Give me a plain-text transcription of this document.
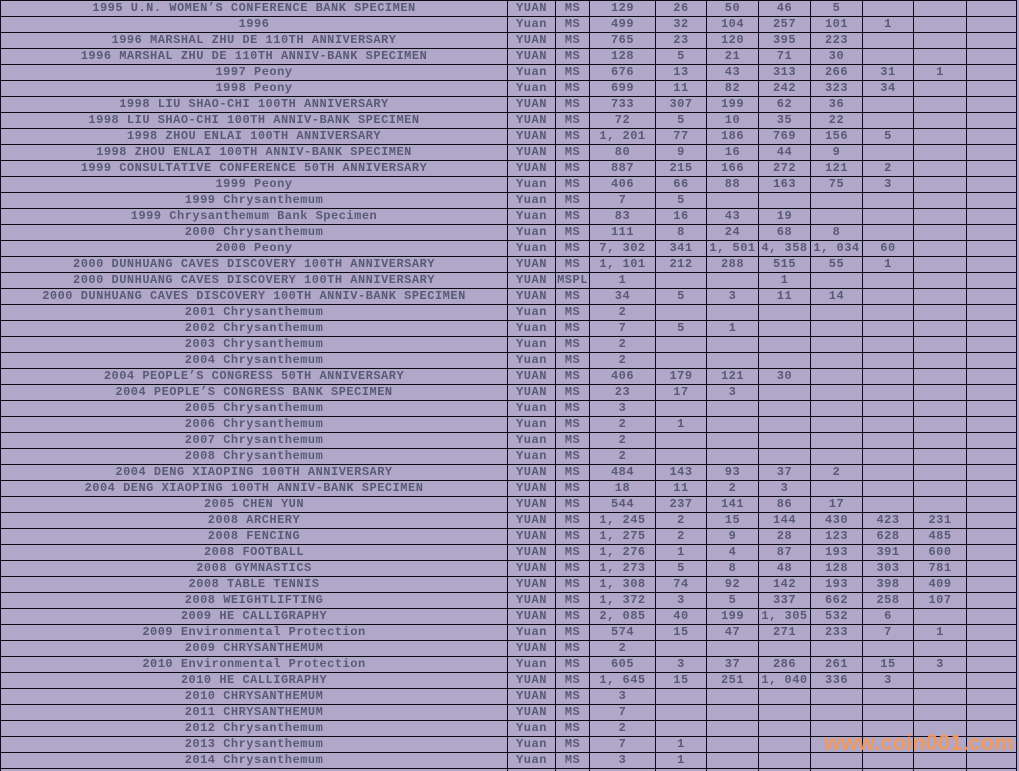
1995 U.N. WOMEN’S CONFERENCE BANK SPECIMEN	YUAN	MS	129	26	50	46	5			
1996	Yuan	MS	499	32	104	257	101	1		
1996 MARSHAL ZHU DE 110TH ANNIVERSARY	YUAN	MS	765	23	120	395	223			
1996 MARSHAL ZHU DE 110TH ANNIV-BANK SPECIMEN	YUAN	MS	128	5	21	71	30			
1997 Peony	Yuan	MS	676	13	43	313	266	31	1	
1998 Peony	Yuan	MS	699	11	82	242	323	34		
1998 LIU SHAO-CHI 100TH ANNIVERSARY	YUAN	MS	733	307	199	62	36			
1998 LIU SHAO-CHI 100TH ANNIV-BANK SPECIMEN	YUAN	MS	72	5	10	35	22			
1998 ZHOU ENLAI 100TH ANNIVERSARY	YUAN	MS	1, 201	77	186	769	156	5		
1998 ZHOU ENLAI 100TH ANNIV-BANK SPECIMEN	YUAN	MS	80	9	16	44	9			
1999 CONSULTATIVE CONFERENCE 50TH ANNIVERSARY	YUAN	MS	887	215	166	272	121	2		
1999 Peony	Yuan	MS	406	66	88	163	75	3		
1999 Chrysanthemum	Yuan	MS	7	5						
1999 Chrysanthemum Bank Specimen	Yuan	MS	83	16	43	19				
2000 Chrysanthemum	Yuan	MS	111	8	24	68	8			
2000 Peony	Yuan	MS	7, 302	341	1, 501	4, 358	1, 034	60		
2000 DUNHUANG CAVES DISCOVERY 100TH ANNIVERSARY	YUAN	MS	1, 101	212	288	515	55	1		
2000 DUNHUANG CAVES DISCOVERY 100TH ANNIVERSARY	YUAN	MSPL	1			1				
2000 DUNHUANG CAVES DISCOVERY 100TH ANNIV-BANK SPECIMEN	YUAN	MS	34	5	3	11	14			
2001 Chrysanthemum	Yuan	MS	2							
2002 Chrysanthemum	Yuan	MS	7	5	1					
2003 Chrysanthemum	Yuan	MS	2							
2004 Chrysanthemum	Yuan	MS	2							
2004 PEOPLE’S CONGRESS 50TH ANNIVERSARY	YUAN	MS	406	179	121	30				
2004 PEOPLE’S CONGRESS BANK SPECIMEN	YUAN	MS	23	17	3					
2005 Chrysanthemum	Yuan	MS	3							
2006 Chrysanthemum	Yuan	MS	2	1						
2007 Chrysanthemum	Yuan	MS	2							
2008 Chrysanthemum	Yuan	MS	2							
2004 DENG XIAOPING 100TH ANNIVERSARY	YUAN	MS	484	143	93	37	2			
2004 DENG XIAOPING 100TH ANNIV-BANK SPECIMEN	YUAN	MS	18	11	2	3				
2005 CHEN YUN	YUAN	MS	544	237	141	86	17			
2008 ARCHERY	YUAN	MS	1, 245	2	15	144	430	423	231	
2008 FENCING	YUAN	MS	1, 275	2	9	28	123	628	485	
2008 FOOTBALL	YUAN	MS	1, 276	1	4	87	193	391	600	
2008 GYMNASTICS	YUAN	MS	1, 273	5	8	48	128	303	781	
2008 TABLE TENNIS	YUAN	MS	1, 308	74	92	142	193	398	409	
2008 WEIGHTLIFTING	YUAN	MS	1, 372	3	5	337	662	258	107	
2009 HE CALLIGRAPHY	YUAN	MS	2, 085	40	199	1, 305	532	6		
2009 Environmental Protection	Yuan	MS	574	15	47	271	233	7	1	
2009 CHRYSANTHEMUM	YUAN	MS	2							
2010 Environmental Protection	Yuan	MS	605	3	37	286	261	15	3	
2010 HE CALLIGRAPHY	YUAN	MS	1, 645	15	251	1, 040	336	3		
2010 CHRYSANTHEMUM	YUAN	MS	3							
2011 CHRYSANTHEMUM	YUAN	MS	7							
2012 Chrysanthemum	Yuan	MS	2							
2013 Chrysanthemum	Yuan	MS	7	1						
2014 Chrysanthemum	Yuan	MS	3	1						

www.coin001.com
